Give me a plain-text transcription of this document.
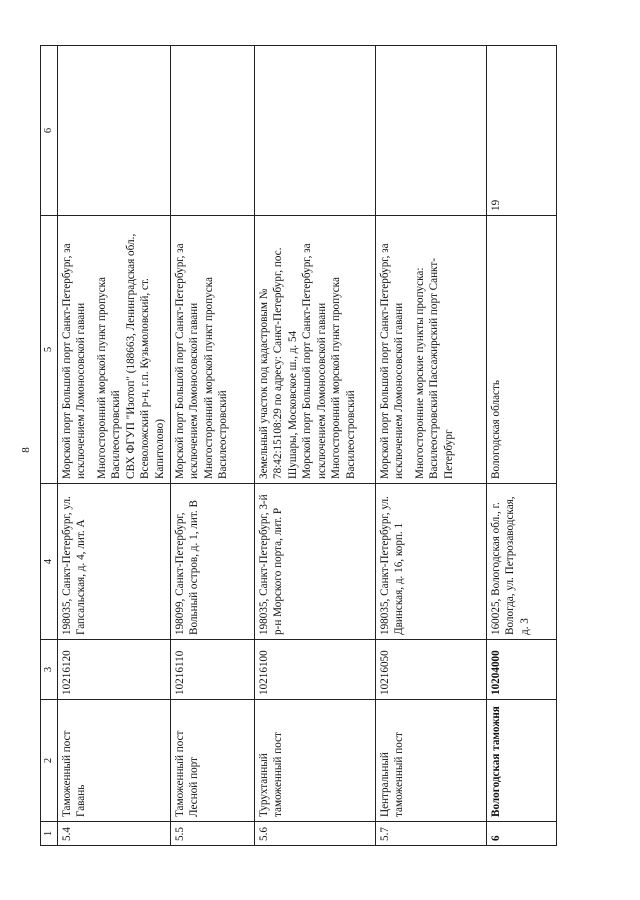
8
1	2	3	4	5	6
5.4	Таможенный пост Гавань	10216120	198035, Санкт-Петербург, ул. Гапсальская, д. 4, лит. А	Морской порт Большой порт Санкт-Петербург, за исключением Ломоносовской гавани Многосторонний морской пункт пропуска Василеостровский СВХ ФГУП "Изотоп" (188663, Ленинградская обл., Всеволожский р-н, г.п. Кузьмоловский, ст. Капитолово)	

5.5	Таможенный пост Лесной порт	10216110	198099, Санкт-Петербург, Вольный остров, д. 1, лит. В	Морской порт Большой порт Санкт-Петербург, за исключением Ломоносовской гавани Многосторонний морской пункт пропуска Василеостровский	

5.6	Турухтанный таможенный пост	10216100	198035, Санкт-Петербург, 3-й р-н Морского порта, лит. Р	Земельный участок под кадастровым № 78:42:15108:29 по адресу: Санкт-Петербург, пос. Шушары, Московское ш., д. 54 Морской порт Большой порт Санкт-Петербург, за исключением Ломоносовской гавани Многосторонний морской пункт пропуска Василеостровский	

5.7	Центральный таможенный пост	10216050	198035, Санкт-Петербург, ул. Двинская, д. 16, корп. 1	Морской порт Большой порт Санкт-Петербург, за исключением Ломоносовской гавани Многосторонние морские пункты пропуска: Василеостровский Пассажирский порт Санкт-Петербург	

6	Вологодская таможня	10204000	160025, Вологодская обл., г. Вологда, ул. Петрозаводская, д. 3	Вологодская область	19
